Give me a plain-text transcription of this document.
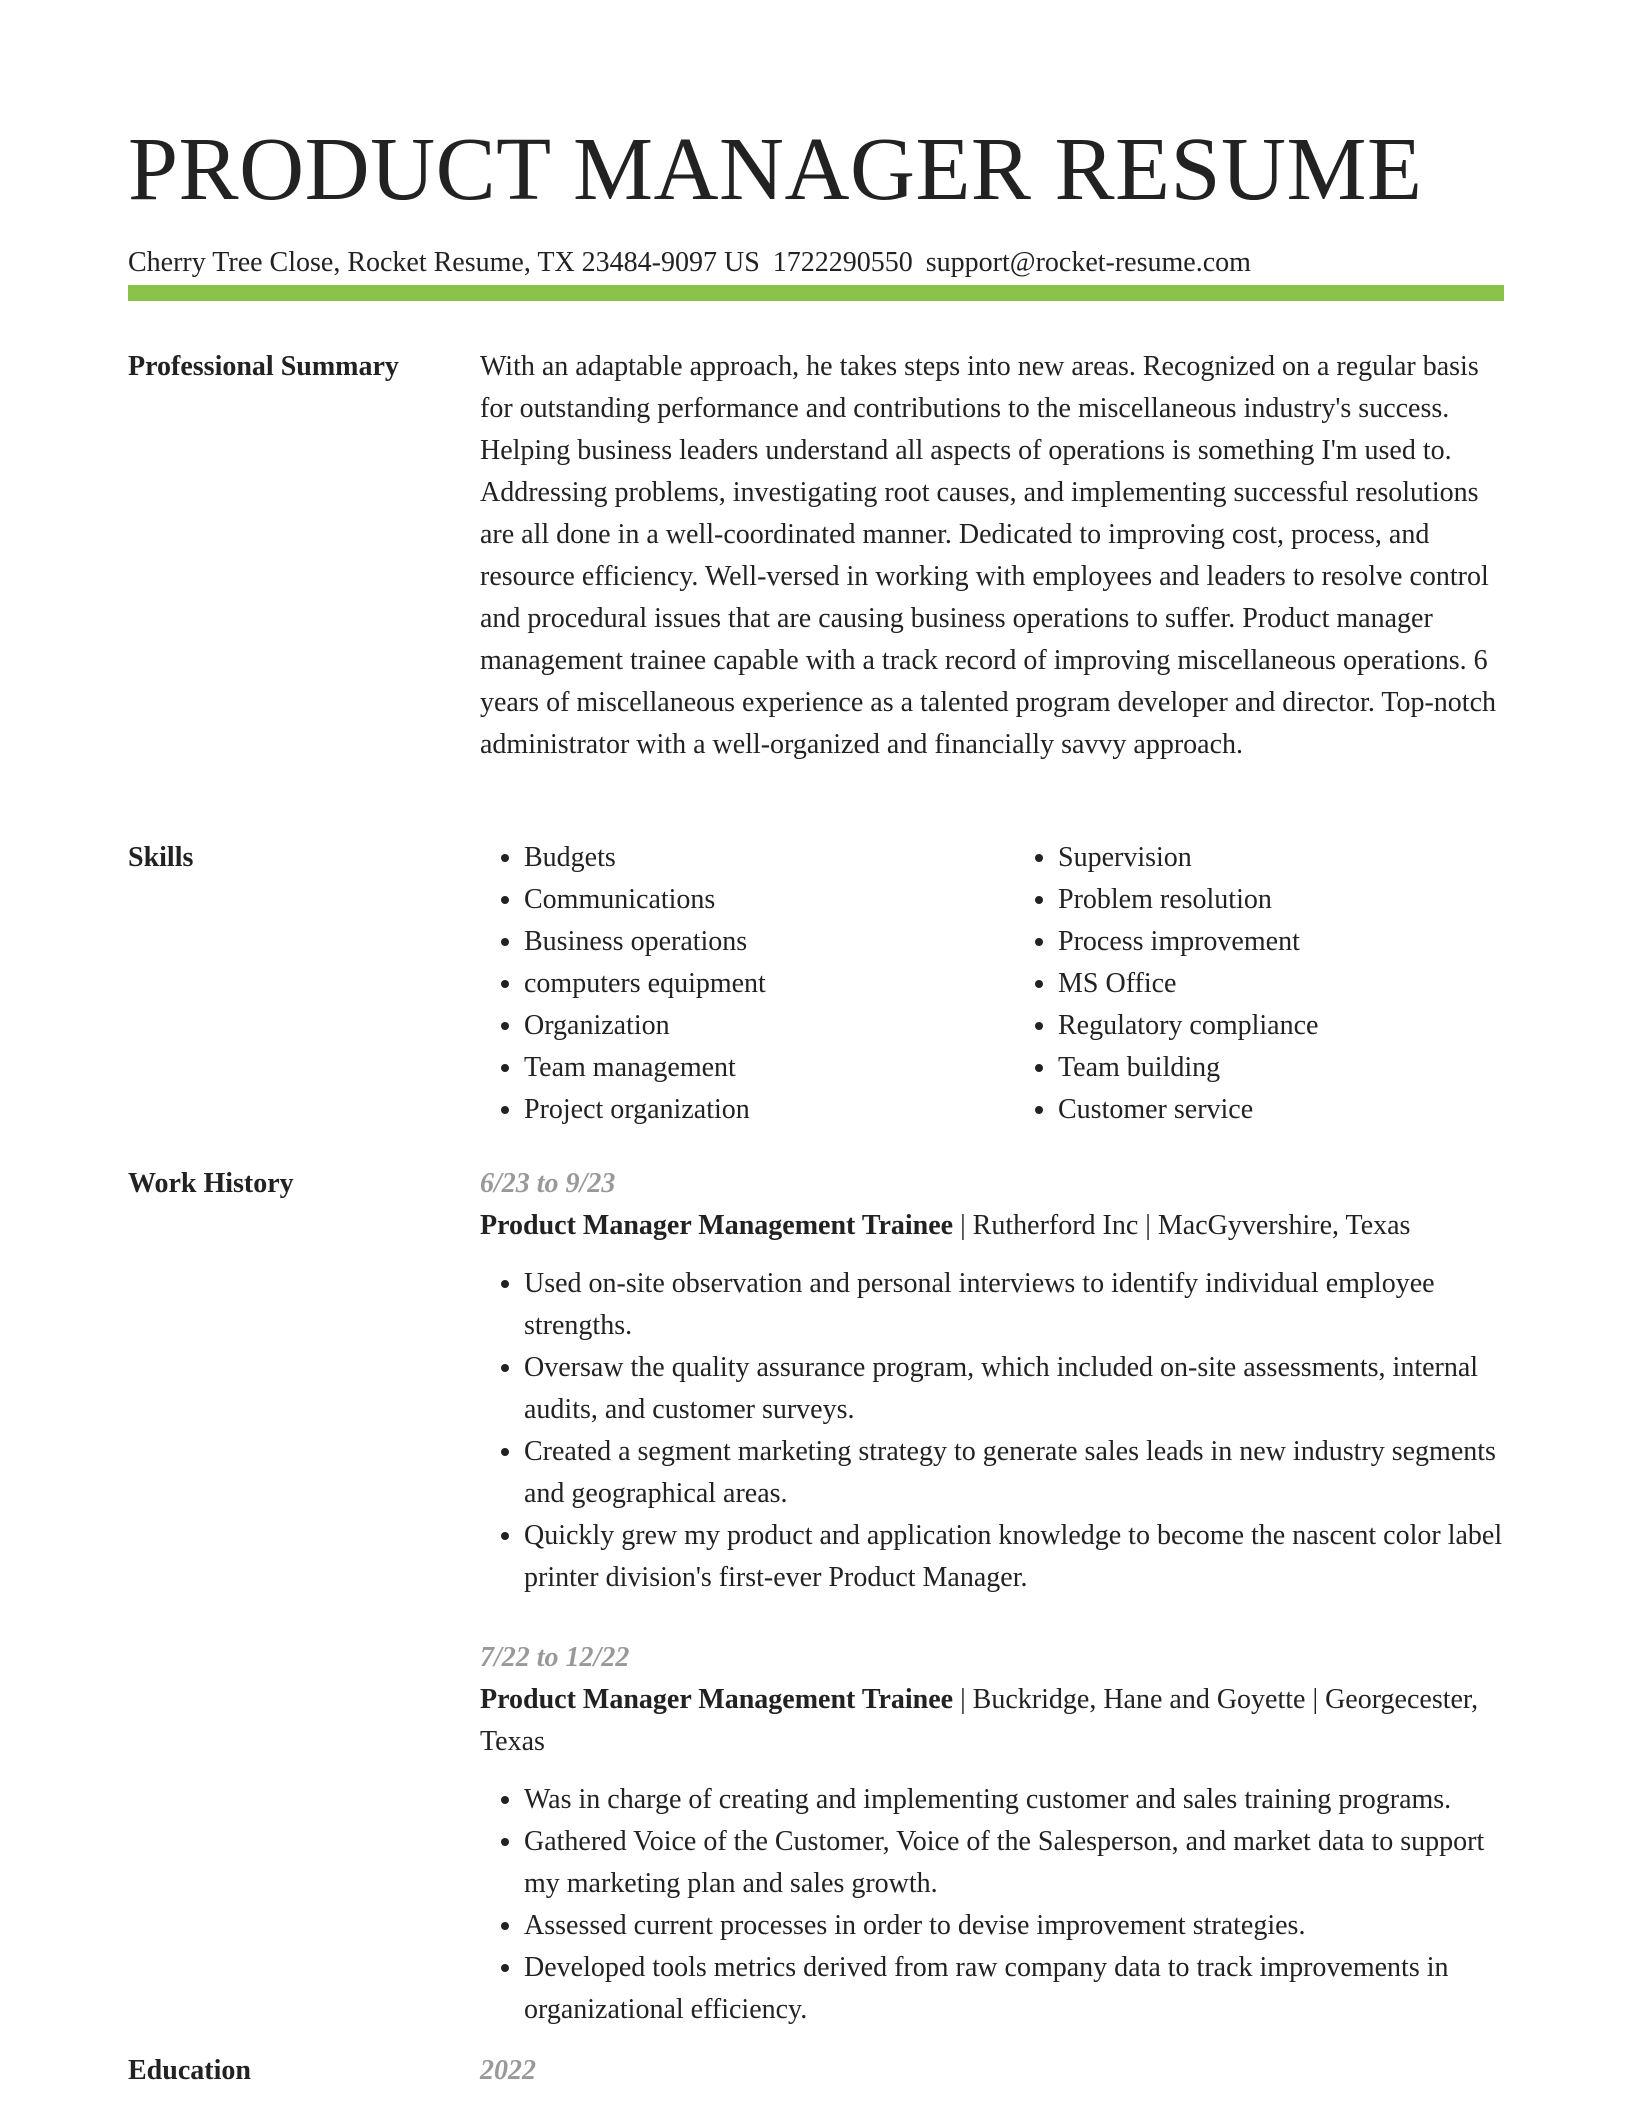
PRODUCT MANAGER RESUME
Cherry Tree Close, Rocket Resume, TX 23484-9097 US 1722290550 support@rocket-resume.com
Professional Summary	With an adaptable approach, he takes steps into new areas. Recognized on a regular basis for outstanding performance and contributions to the miscellaneous industry's success. Helping business leaders understand all aspects of operations is something I'm used to. Addressing problems, investigating root causes, and implementing successful resolutions are all done in a well-coordinated manner. Dedicated to improving cost, process, and resource efficiency. Well-versed in working with employees and leaders to resolve control and procedural issues that are causing business operations to suffer. Product manager management trainee capable with a track record of improving miscellaneous operations. 6 years of miscellaneous experience as a talented program developer and director. Top-notch administrator with a well-organized and financially savvy approach.

Skills
•	Budgets
• Communications
• Business operations
• computers equipment
• Organization
• Team management
• Project organization
• Supervision
• Problem resolution
• Process improvement
• MS Office
• Regulatory compliance
• Team building
• Customer service
Work History	6/23 to 9/23
Product Manager Management Trainee | Rutherford Inc | MacGyvershire, Texas
• Used on-site observation and personal interviews to identify individual employee strengths.
• Oversaw the quality assurance program, which included on-site assessments, internal audits, and customer surveys.
• Created a segment marketing strategy to generate sales leads in new industry segments and geographical areas.
• Quickly grew my product and application knowledge to become the nascent color label printer division's first-ever Product Manager.
7/22 to 12/22
Product Manager Management Trainee | Buckridge, Hane and Goyette | Georgecester, Texas
• Was in charge of creating and implementing customer and sales training programs.
• Gathered Voice of the Customer, Voice of the Salesperson, and market data to support my marketing plan and sales growth.
• Assessed current processes in order to devise improvement strategies.
• Developed tools metrics derived from raw company data to track improvements in organizational efficiency.
Education	2022
